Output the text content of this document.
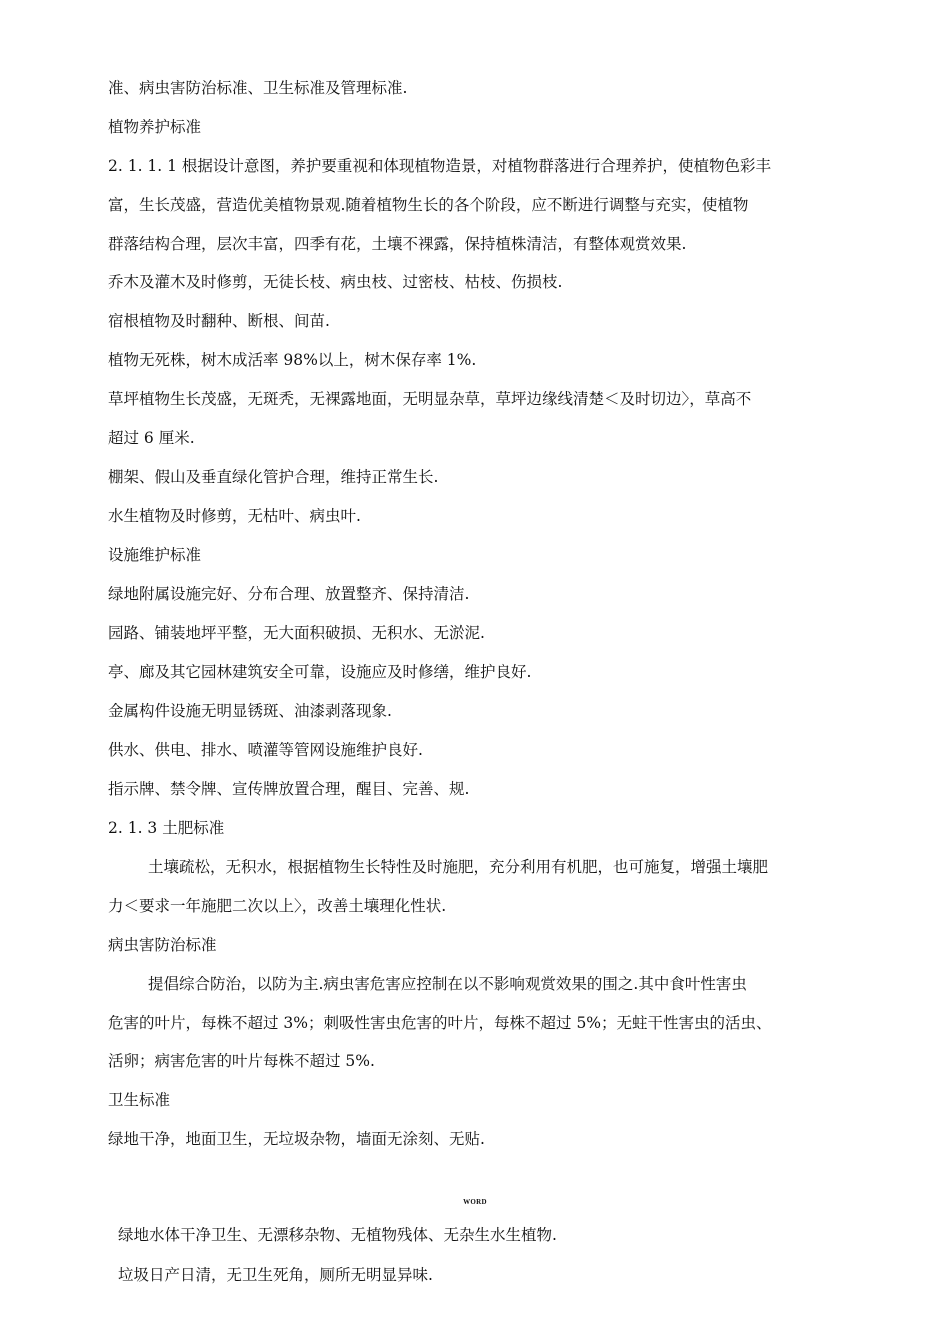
准、病虫害防治标准、卫生标准及管理标准.
植物养护标准
2. 1. 1. 1 根据设计意图，养护要重视和体现植物造景，对植物群落进行合理养护，使植物色彩丰
富，生长茂盛，营造优美植物景观.随着植物生长的各个阶段，应不断进行调整与充实，使植物
群落结构合理，层次丰富，四季有花，土壤不裸露，保持植株清洁，有整体观赏效果.
乔木及灌木及时修剪，无徒长枝、病虫枝、过密枝、枯枝、伤损枝.
宿根植物及时翻种、断根、间苗.
植物无死株，树木成活率 98%以上，树木保存率 1%.
草坪植物生长茂盛，无斑秃，无裸露地面，无明显杂草，草坪边缘线清楚＜及时切边〉，草高不
超过 6 厘米.
棚架、假山及垂直绿化管护合理，维持正常生长.
水生植物及时修剪，无枯叶、病虫叶.
设施维护标准
绿地附属设施完好、分布合理、放置整齐、保持清洁.
园路、铺装地坪平整，无大面积破损、无积水、无淤泥.
亭、廊及其它园林建筑安全可靠，设施应及时修缮，维护良好.
金属构件设施无明显锈斑、油漆剥落现象.
供水、供电、排水、喷灌等管网设施维护良好.
指示牌、禁令牌、宣传牌放置合理，醒目、完善、规.
2. 1. 3 土肥标准
土壤疏松，无积水，根据植物生长特性及时施肥，充分利用有机肥，也可施复，增强土壤肥
力＜要求一年施肥二次以上〉，改善土壤理化性状.
病虫害防治标准
提倡综合防治，以防为主.病虫害危害应控制在以不影响观赏效果的围之.其中食叶性害虫
危害的叶片，每株不超过 3%；刺吸性害虫危害的叶片，每株不超过 5%；无蛀干性害虫的活虫、
活卵；病害危害的叶片每株不超过 5%.
卫生标准
绿地干净，地面卫生，无垃圾杂物，墙面无涂刻、无贴.
WORD
绿地水体干净卫生、无漂移杂物、无植物残体、无杂生水生植物.
垃圾日产日清，无卫生死角，厕所无明显异味.
